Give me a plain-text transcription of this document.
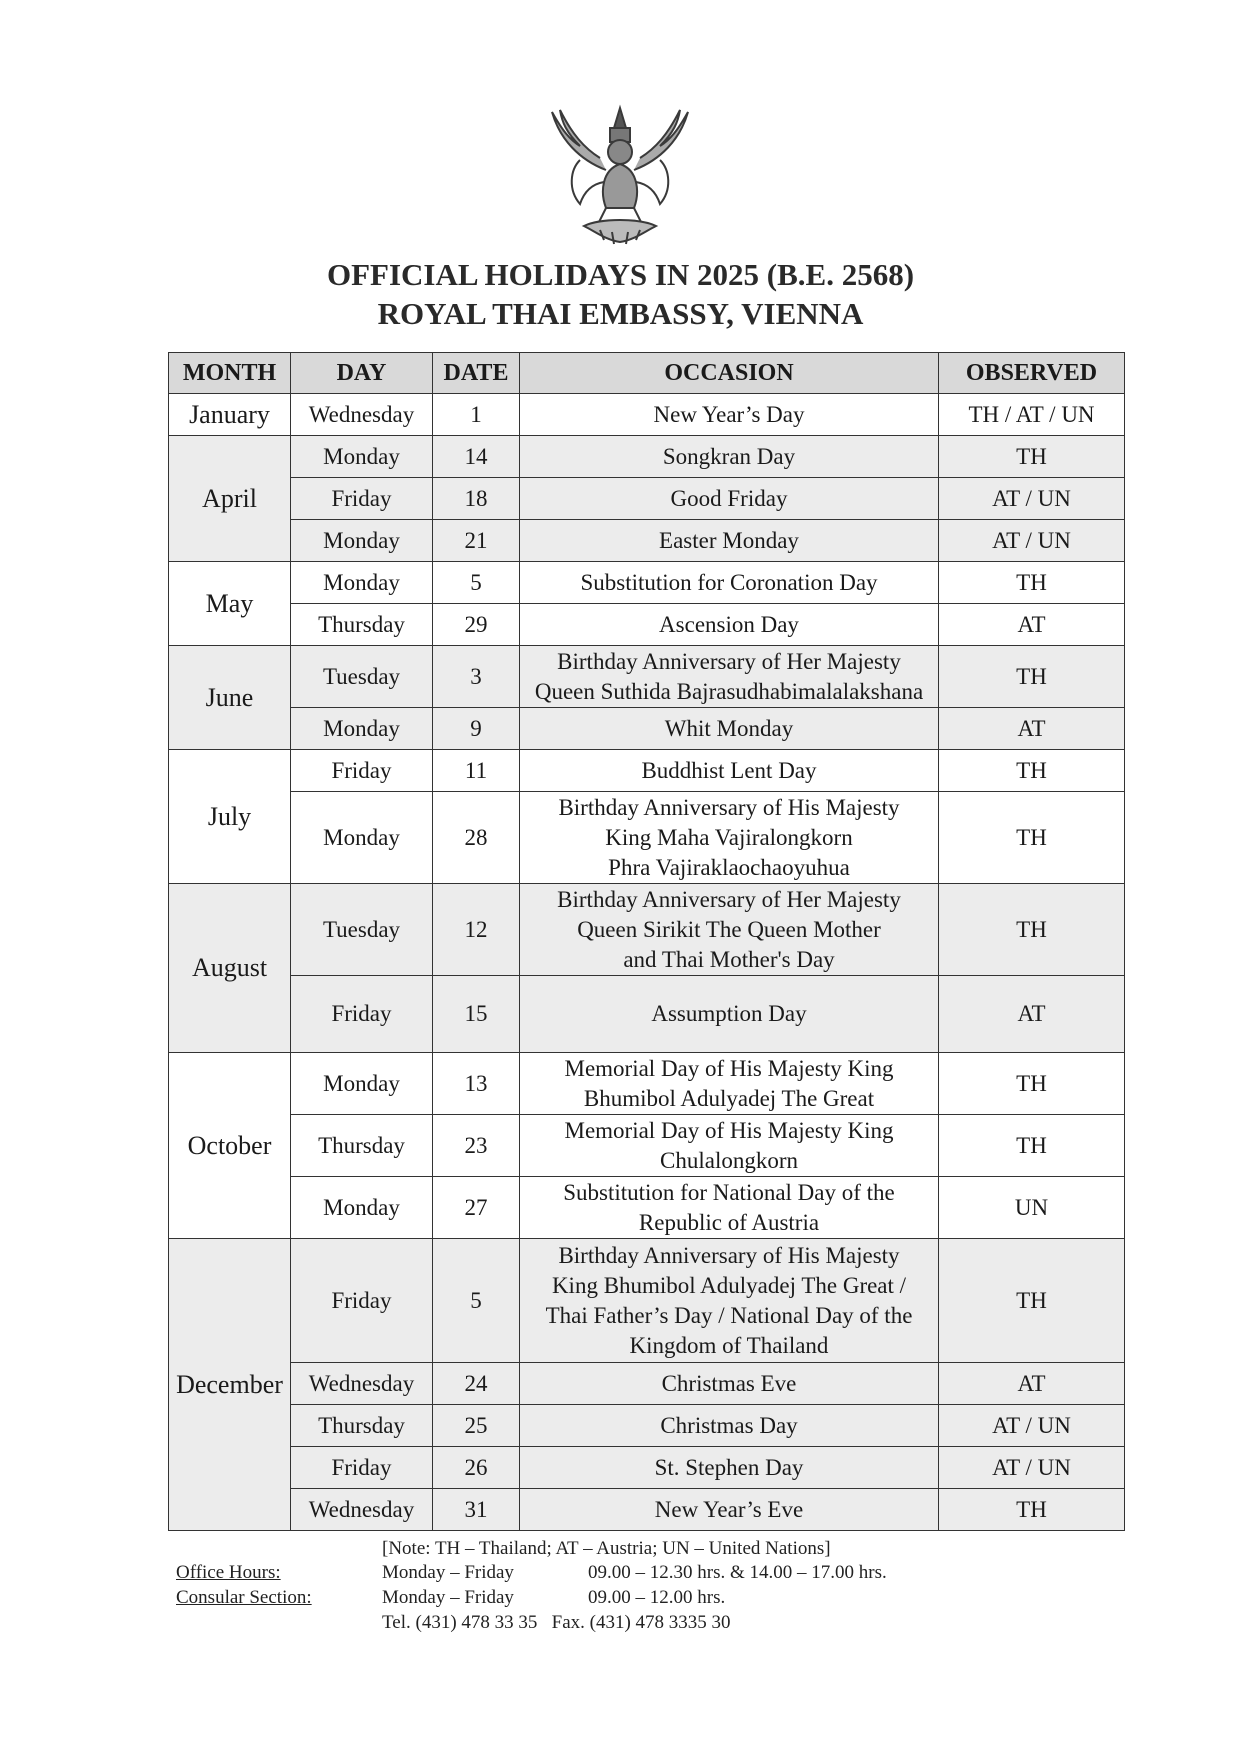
OFFICIAL HOLIDAYS IN 2025 (B.E. 2568)
ROYAL THAI EMBASSY, VIENNA
MONTH	DAY	DATE	OCCASION	OBSERVED
January	Wednesday	1	New Year’s Day	TH / AT / UN
April	Monday	14	Songkran Day	TH
	Friday	18	Good Friday	AT / UN
	Monday	21	Easter Monday	AT / UN
May	Monday	5	Substitution for Coronation Day	TH
	Thursday	29	Ascension Day	AT
June	Tuesday	3	Birthday Anniversary of Her Majesty
Queen Suthida Bajrasudhabimalalakshana	TH
	Monday	9	Whit Monday	AT
July	Friday	11	Buddhist Lent Day	TH
	Monday	28	Birthday Anniversary of His Majesty
King Maha Vajiralongkorn
Phra Vajiraklaochaoyuhua	TH
August	Tuesday	12	Birthday Anniversary of Her Majesty
Queen Sirikit The Queen Mother
and Thai Mother's Day	TH
	Friday	15	Assumption Day	AT
October	Monday	13	Memorial Day of His Majesty King
Bhumibol Adulyadej The Great	TH
	Thursday	23	Memorial Day of His Majesty King
Chulalongkorn	TH
	Monday	27	Substitution for National Day of the
Republic of Austria	UN
December	Friday	5	Birthday Anniversary of His Majesty
King Bhumibol Adulyadej The Great /
Thai Father’s Day / National Day of the
Kingdom of Thailand	TH
	Wednesday	24	Christmas Eve	AT
	Thursday	25	Christmas Day	AT / UN
	Friday	26	St. Stephen Day	AT / UN
	Wednesday	31	New Year’s Eve	TH
[Note: TH – Thailand; AT – Austria; UN – United Nations]
Office Hours:	Monday – Friday	09.00 – 12.30 hrs. & 14.00 – 17.00 hrs.
Consular Section:	Monday – Friday	09.00 – 12.00 hrs.
Tel. (431) 478 33 35   Fax. (431) 478 3335 30
